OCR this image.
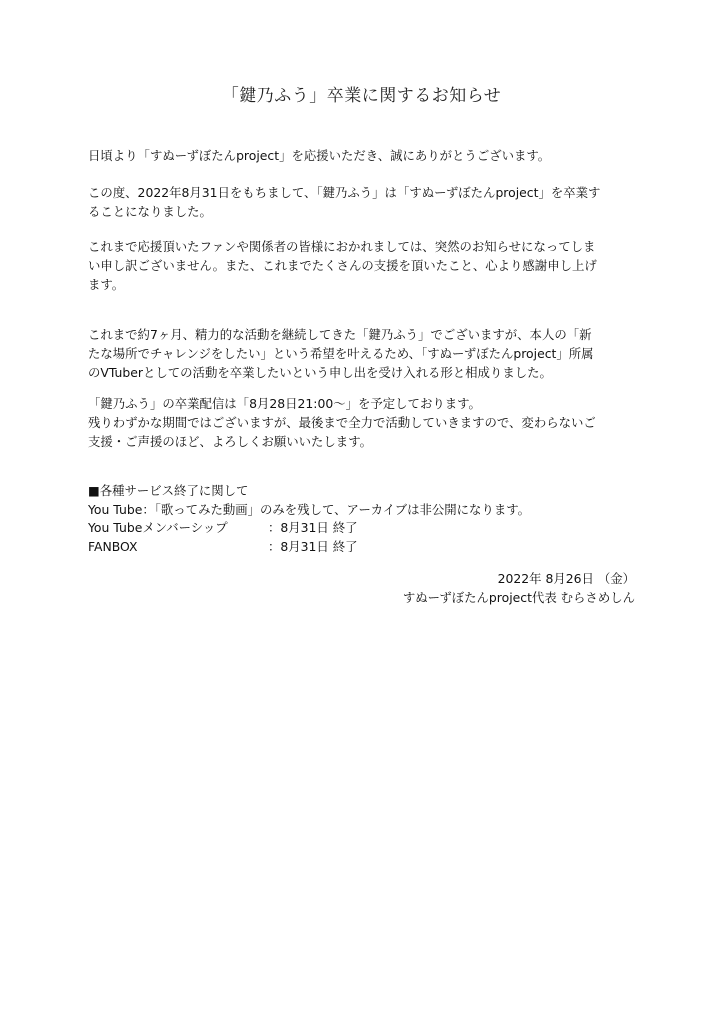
「鍵乃ふう」卒業に関するお知らせ
日頃より「すぬーずぼたんproject」を応援いただき、誠にありがとうございます。
この度、2022年8月31日をもちまして、「鍵乃ふう」は「すぬーずぼたんproject」を卒業す
ることになりました。
これまで応援頂いたファンや関係者の皆様におかれましては、突然のお知らせになってしま
い申し訳ございません。また、これまでたくさんの支援を頂いたこと、心より感謝申し上げ
ます。
これまで約7ヶ月、精力的な活動を継続してきた「鍵乃ふう」でございますが、本人の「新
たな場所でチャレンジをしたい」という希望を叶えるため、「すぬーずぼたんproject」所属
のVTuberとしての活動を卒業したいという申し出を受け入れる形と相成りました。
「鍵乃ふう」の卒業配信は「8月28日21:00～」を予定しております。
残りわずかな期間ではございますが、最後まで全力で活動していきますので、変わらないご
支援・ご声援のほど、よろしくお願いいたします。
■各種サービス終了に関して
You Tube：「歌ってみた動画」のみを残して、アーカイブは非公開になります。
You Tubeメンバーシップ	：8月31日 終了
FANBOX	：8月31日 終了
2022年 8月26日 （金）
すぬーずぼたんproject代表 むらさめしん
